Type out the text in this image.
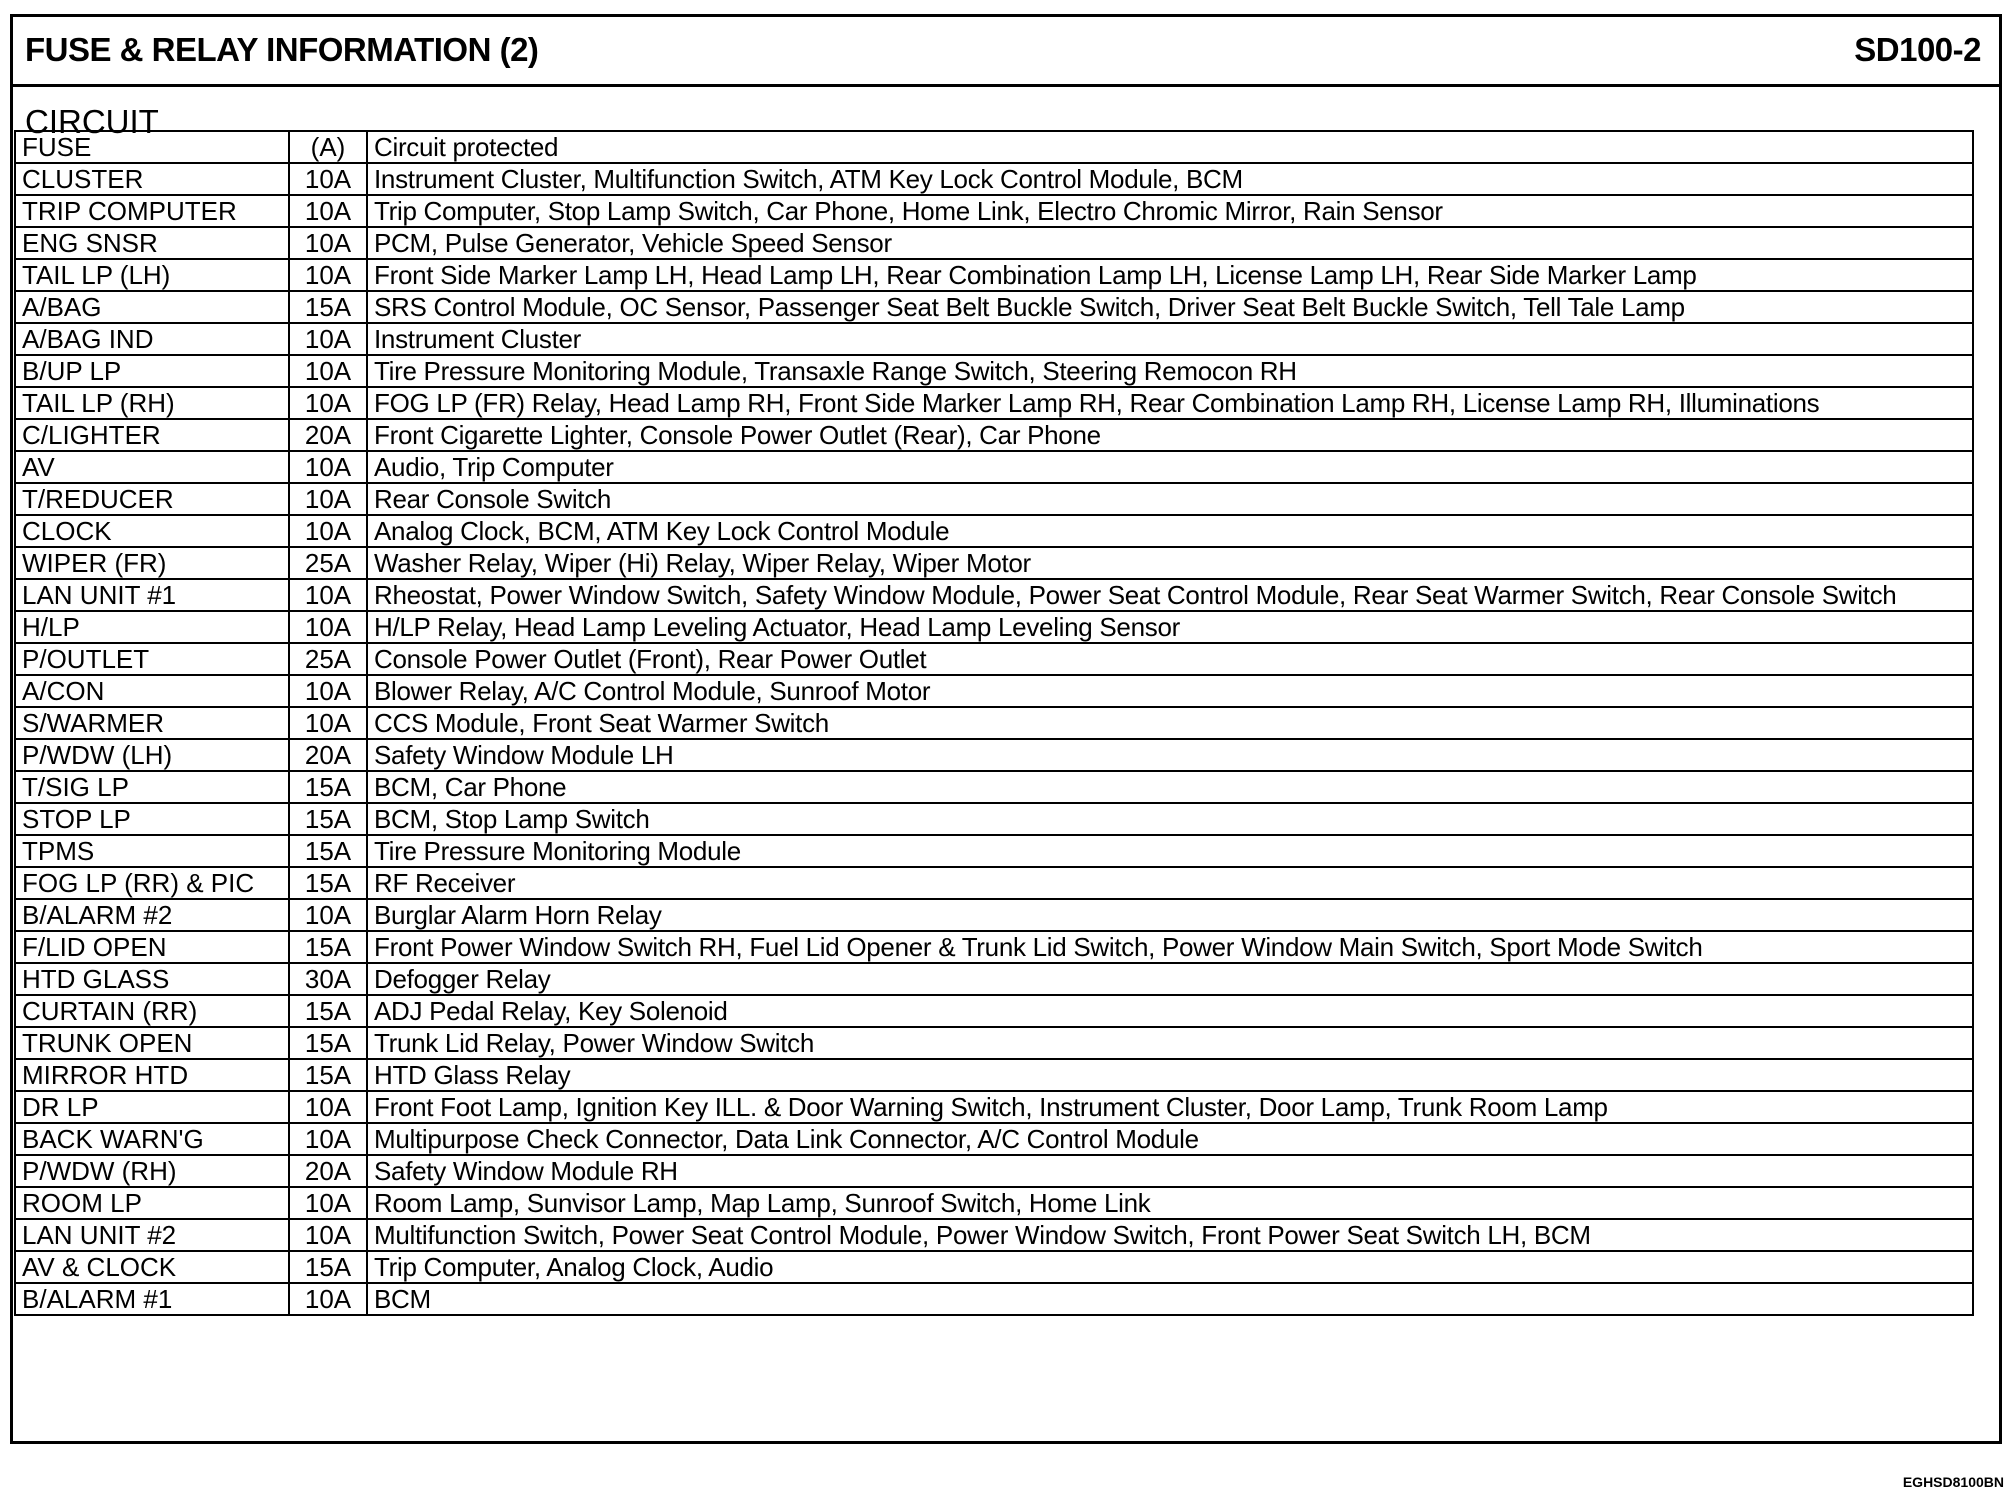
FUSE & RELAY INFORMATION (2)	SD100-2
CIRCUIT
FUSE	(A)	Circuit protected
CLUSTER	10A	Instrument Cluster, Multifunction Switch, ATM Key Lock Control Module, BCM
TRIP COMPUTER	10A	Trip Computer, Stop Lamp Switch, Car Phone, Home Link, Electro Chromic Mirror, Rain Sensor
ENG SNSR	10A	PCM, Pulse Generator, Vehicle Speed Sensor
TAIL LP (LH)	10A	Front Side Marker Lamp LH, Head Lamp LH, Rear Combination Lamp LH, License Lamp LH, Rear Side Marker Lamp
A/BAG	15A	SRS Control Module, OC Sensor, Passenger Seat Belt Buckle Switch, Driver Seat Belt Buckle Switch, Tell Tale Lamp
A/BAG IND	10A	Instrument Cluster
B/UP LP	10A	Tire Pressure Monitoring Module, Transaxle Range Switch, Steering Remocon RH
TAIL LP (RH)	10A	FOG LP (FR) Relay, Head Lamp RH, Front Side Marker Lamp RH, Rear Combination Lamp RH, License Lamp RH, Illuminations
C/LIGHTER	20A	Front Cigarette Lighter, Console Power Outlet (Rear), Car Phone
AV	10A	Audio, Trip Computer
T/REDUCER	10A	Rear Console Switch
CLOCK	10A	Analog Clock, BCM, ATM Key Lock Control Module
WIPER (FR)	25A	Washer Relay, Wiper (Hi) Relay, Wiper Relay, Wiper Motor
LAN UNIT #1	10A	Rheostat, Power Window Switch, Safety Window Module, Power Seat Control Module, Rear Seat Warmer Switch, Rear Console Switch
H/LP	10A	H/LP Relay, Head Lamp Leveling Actuator, Head Lamp Leveling Sensor
P/OUTLET	25A	Console Power Outlet (Front), Rear Power Outlet
A/CON	10A	Blower Relay, A/C Control Module, Sunroof Motor
S/WARMER	10A	CCS Module, Front Seat Warmer Switch
P/WDW (LH)	20A	Safety Window Module LH
T/SIG LP	15A	BCM, Car Phone
STOP LP	15A	BCM, Stop Lamp Switch
TPMS	15A	Tire Pressure Monitoring Module
FOG LP (RR) & PIC	15A	RF Receiver
B/ALARM #2	10A	Burglar Alarm Horn Relay
F/LID OPEN	15A	Front Power Window Switch RH, Fuel Lid Opener & Trunk Lid Switch, Power Window Main Switch, Sport Mode Switch
HTD GLASS	30A	Defogger Relay
CURTAIN (RR)	15A	ADJ Pedal Relay, Key Solenoid
TRUNK OPEN	15A	Trunk Lid Relay, Power Window Switch
MIRROR HTD	15A	HTD Glass Relay
DR LP	10A	Front Foot Lamp, Ignition Key ILL. & Door Warning Switch, Instrument Cluster, Door Lamp, Trunk Room Lamp
BACK WARN'G	10A	Multipurpose Check Connector, Data Link Connector, A/C Control Module
P/WDW (RH)	20A	Safety Window Module RH
ROOM LP	10A	Room Lamp, Sunvisor Lamp, Map Lamp, Sunroof Switch, Home Link
LAN UNIT #2	10A	Multifunction Switch, Power Seat Control Module, Power Window Switch, Front Power Seat Switch LH, BCM
AV & CLOCK	15A	Trip Computer, Analog Clock, Audio
B/ALARM #1	10A	BCM
EGHSD8100BN
